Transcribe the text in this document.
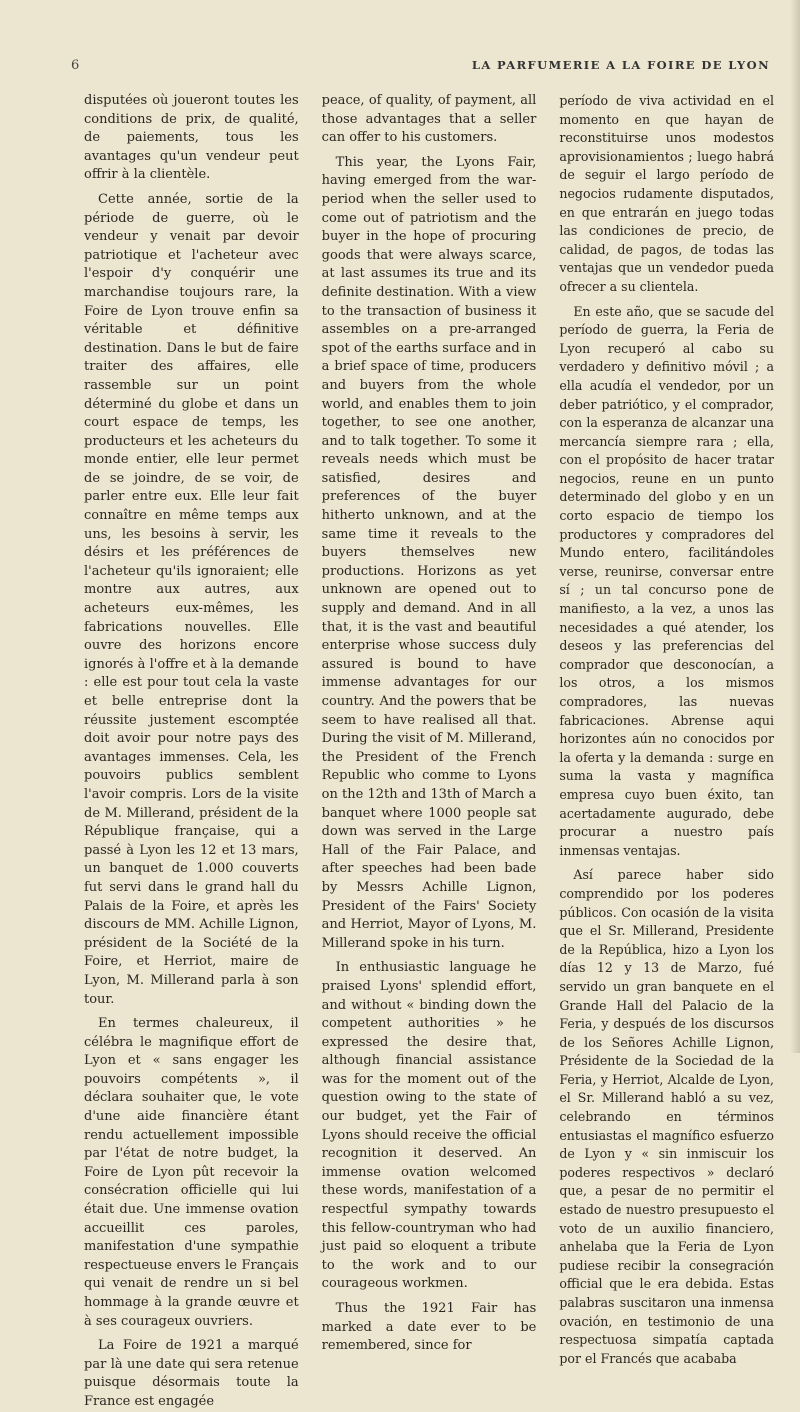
6	LA PARFUMERIE A LA FOIRE DE LYON

disputées où joueront toutes les conditions de prix, de qualité, de paiements, tous les avantages qu'un vendeur peut offrir à la clientèle.

Cette année, sortie de la période de guerre, où le vendeur y venait par devoir patriotique et l'acheteur avec l'espoir d'y conquérir une marchandise toujours rare, la Foire de Lyon trouve enfin sa véritable et définitive destination. Dans le but de faire traiter des affaires, elle rassemble sur un point déterminé du globe et dans un court espace de temps, les producteurs et les acheteurs du monde entier, elle leur permet de se joindre, de se voir, de parler entre eux. Elle leur fait connaître en même temps aux uns, les besoins à servir, les désirs et les préférences de l'acheteur qu'ils ignoraient; elle montre aux autres, aux acheteurs eux-mêmes, les fabrications nouvelles. Elle ouvre des horizons encore ignorés à l'offre et à la demande : elle est pour tout cela la vaste et belle entreprise dont la réussite justement escomptée doit avoir pour notre pays des avantages immenses. Cela, les pouvoirs publics semblent l'avoir compris. Lors de la visite de M. Millerand, président de la République française, qui a passé à Lyon les 12 et 13 mars, un banquet de 1.000 couverts fut servi dans le grand hall du Palais de la Foire, et après les discours de MM. Achille Lignon, président de la Société de la Foire, et Herriot, maire de Lyon, M. Millerand parla à son tour.

En termes chaleureux, il célébra le magnifique effort de Lyon et « sans engager les pouvoirs compétents », il déclara souhaiter que, le vote d'une aide financière étant rendu actuellement impossible par l'état de notre budget, la Foire de Lyon pût recevoir la consécration officielle qui lui était due. Une immense ovation accueillit ces paroles, manifestation d'une sympathie respectueuse envers le Français qui venait de rendre un si bel hommage à la grande œuvre et à ses courageux ouvriers.

La Foire de 1921 a marqué par là une date qui sera retenue puisque désormais toute la France est engagée

peace, of quality, of payment, all those advantages that a seller can offer to his customers.

This year, the Lyons Fair, having emerged from the war-period when the seller used to come out of patriotism and the buyer in the hope of procuring goods that were always scarce, at last assumes its true and its definite destination. With a view to the transaction of business it assembles on a pre-arranged spot of the earths surface and in a brief space of time, producers and buyers from the whole world, and enables them to join together, to see one another, and to talk together. To some it reveals needs which must be satisfied, desires and preferences of the buyer hitherto unknown, and at the same time it reveals to the buyers themselves new productions. Horizons as yet unknown are opened out to supply and demand. And in all that, it is the vast and beautiful enterprise whose success duly assured is bound to have immense advantages for our country. And the powers that be seem to have realised all that. During the visit of M. Millerand, the President of the French Republic who comme to Lyons on the 12th and 13th of March a banquet where 1000 people sat down was served in the Large Hall of the Fair Palace, and after speeches had been bade by Messrs Achille Lignon, President of the Fairs' Society and Herriot, Mayor of Lyons, M. Millerand spoke in his turn.

In enthusiastic language he praised Lyons' splendid effort, and without « binding down the competent authorities » he expressed the desire that, although financial assistance was for the moment out of the question owing to the state of our budget, yet the Fair of Lyons should receive the official recognition it deserved. An immense ovation welcomed these words, manifestation of a respectful sympathy towards this fellow-countryman who had just paid so eloquent a tribute to the work and to our courageous workmen.

Thus the 1921 Fair has marked a date ever to be remembered, since for

período de viva actividad en el momento en que hayan de reconstituirse unos modestos aprovisionamientos ; luego habrá de seguir el largo período de negocios rudamente disputados, en que entrarán en juego todas las condiciones de precio, de calidad, de pagos, de todas las ventajas que un vendedor pueda ofrecer a su clientela.

En este año, que se sacude del período de guerra, la Feria de Lyon recuperó al cabo su verdadero y definitivo móvil ; a ella acudía el vendedor, por un deber patriótico, y el comprador, con la esperanza de alcanzar una mercancía siempre rara ; ella, con el propósito de hacer tratar negocios, reune en un punto determinado del globo y en un corto espacio de tiempo los productores y compradores del Mundo entero, facilitándoles verse, reunirse, conversar entre sí ; un tal concurso pone de manifiesto, a la vez, a unos las necesidades a qué atender, los deseos y las preferencias del comprador que desconocían, a los otros, a los mismos compradores, las nuevas fabricaciones. Abrense aqui horizontes aún no conocidos por la oferta y la demanda : surge en suma la vasta y magnífica empresa cuyo buen éxito, tan acertadamente augurado, debe procurar a nuestro país inmensas ventajas.

Así parece haber sido comprendido por los poderes públicos. Con ocasión de la visita que el Sr. Millerand, Presidente de la República, hizo a Lyon los días 12 y 13 de Marzo, fué servido un gran banquete en el Grande Hall del Palacio de la Feria, y después de los discursos de los Señores Achille Lignon, Présidente de la Sociedad de la Feria, y Herriot, Alcalde de Lyon, el Sr. Millerand habló a su vez, celebrando en términos entusiastas el magnífico esfuerzo de Lyon y « sin inmiscuir los poderes respectivos » declaró que, a pesar de no permitir el estado de nuestro presupuesto el voto de un auxilio financiero, anhelaba que la Feria de Lyon pudiese recibir la consegración official que le era debida. Estas palabras suscitaron una inmensa ovación, en testimonio de una respectuosa simpatía captada por el Francés que acababa
